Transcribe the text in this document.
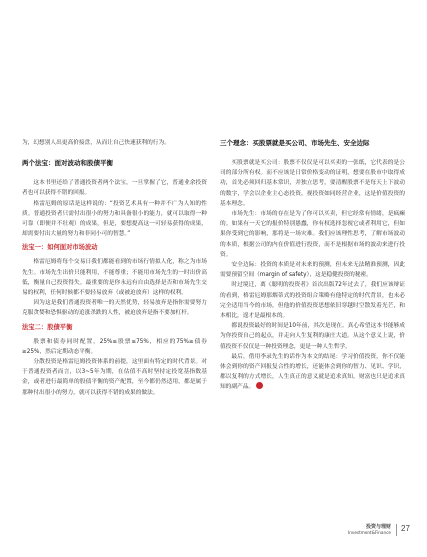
为，幻想别人出更高价接盘，从而让自己快速获利的行为。

两个法宝：面对波动和股债平衡

这本书里还给了普通投资者两个法宝，一旦掌握了它，普通业余投资者也可以获得不错的回报。

格雷厄姆的原话是这样说的：“投资艺术具有一种并不广为人知的性质。普通投资者只需付出很小的努力和具备很小的能力，就可以取得一种可靠（即便并不壮观）的成果。但是，要想提高这一可轻易获得的成果，却需要付出大量的努力和非同小可的智慧。”

法宝一：如何面对市场波动

格雷厄姆将每个交易日我们都能看到的市场行情拟人化，称之为市场先生。市场先生出价只能利用，不能尊重；不能用市场先生的一时出价高低，衡量自己投资得失。最重要的是你永远有自由选择是否和市场先生交易的权利，任何时候都不要轻易放弃（或被迫放弃）这样的权利。

因为这是我们普通投资者唯一的天然优势，轻易放弃是指你需要努力克服贪婪和恐惧驱动的追涨杀跌的人性，被迫放弃是指不要加杠杆。

法宝二：股债平衡

股票和债券同时配置，25%≤股票≤75%，相应的75%≥债券≥25%，然后定期动态平衡。

分散投资是格雷厄姆投资体系的前提，这里面有特定的时代背景。对于普通投资者而言，以3~5年为期，在估值不高时坚持定投宽基指数基金，或者进行最简单的股债平衡的资产配置，至今都仍然适用，都是属于那种付出很小的努力，就可以获得不错的成果的做法。

三个理念：买股票就是买公司、市场先生、安全边际

买股票就是买公司：股票不仅仅是可以买卖的一张纸，它代表的是公司的部分所有权。而不应该是日常价格变动的证明，想要在股市中取得成功，首先必须回归基本常识，并独立思考，要清醒股票不是每天上下波动的数字，学会以企业主心态投资，视投资如同经营企业，这是价值投资的基本理念。

市场先生：市场的存在是为了你可以买卖，但它经常有情绪，是疯癫的。如果有一天它的报价特别愚蠢，你有权选择忽视它或者利用它，但如果你受到它的影响，那将是一场灾难。我们应该理性思考，了解市场波动的本质，根据公司的内在价值进行投资，而不是根据市场的波动来进行投资。

安全边际：投资的本质是对未来的预测，但未来无法精准预测，因此需要预留空间（margin of safety），这是稳健投资的秘密。

时过境迁，离《聪明的投资者》首次出版72年过去了，我们应该辩证的看到，格雷厄姆那烟蒂式的投资组合策略有他特定的时代背景，也未必完全适用当今的市场，但他的价值投资思想依旧穿越时空散发着光芒，和本相比，遑才是最根本的。

都说投资最好的时间是10年前，其次是现在。真心希望这本书能够成为你投资自己的起点，并走向人生复利的康庄大道。从这个意义上说，价值投资不仅仅是一种投资理念，更是一种人生哲学。

最后，借用李录先生的话作为本文的结尾：学习价值投资，你不仅能体会到你的资产回报复合性的增长，还能体会到你的智力、见识、学识，都以复利的方式增长，人生真正的意义就是追求真知，财富也只是追求真知的副产品。

投资与理财
Investment&Finance 27
